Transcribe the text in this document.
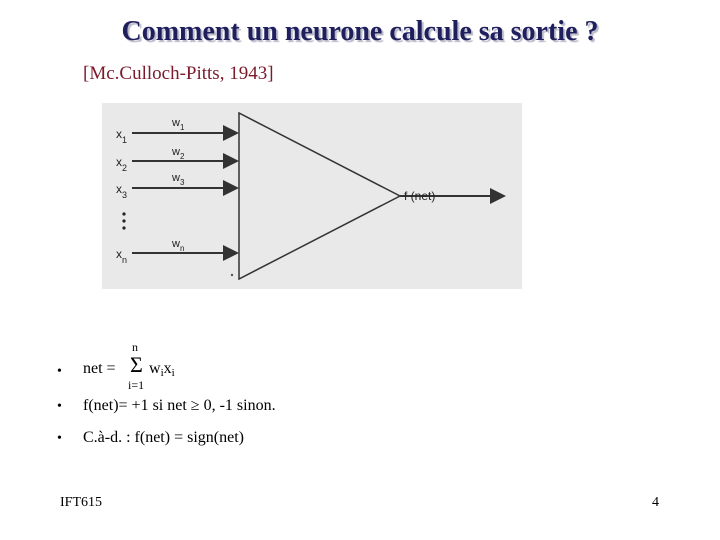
Comment un neurone calcule sa sortie ?
[Mc.Culloch-Pitts, 1943]
$x_1$
$x_2$
$x_3$
$x_n$
$w_1$
$w_2$
$w_3$
$w_n$
f (net)
•
n
Σ
net = $w_ix_i$
i=1
• f(net)= +1 si net ≥ 0, -1 sinon.
• C.à-d. : f(net) = sign(net)
IFT615	4
